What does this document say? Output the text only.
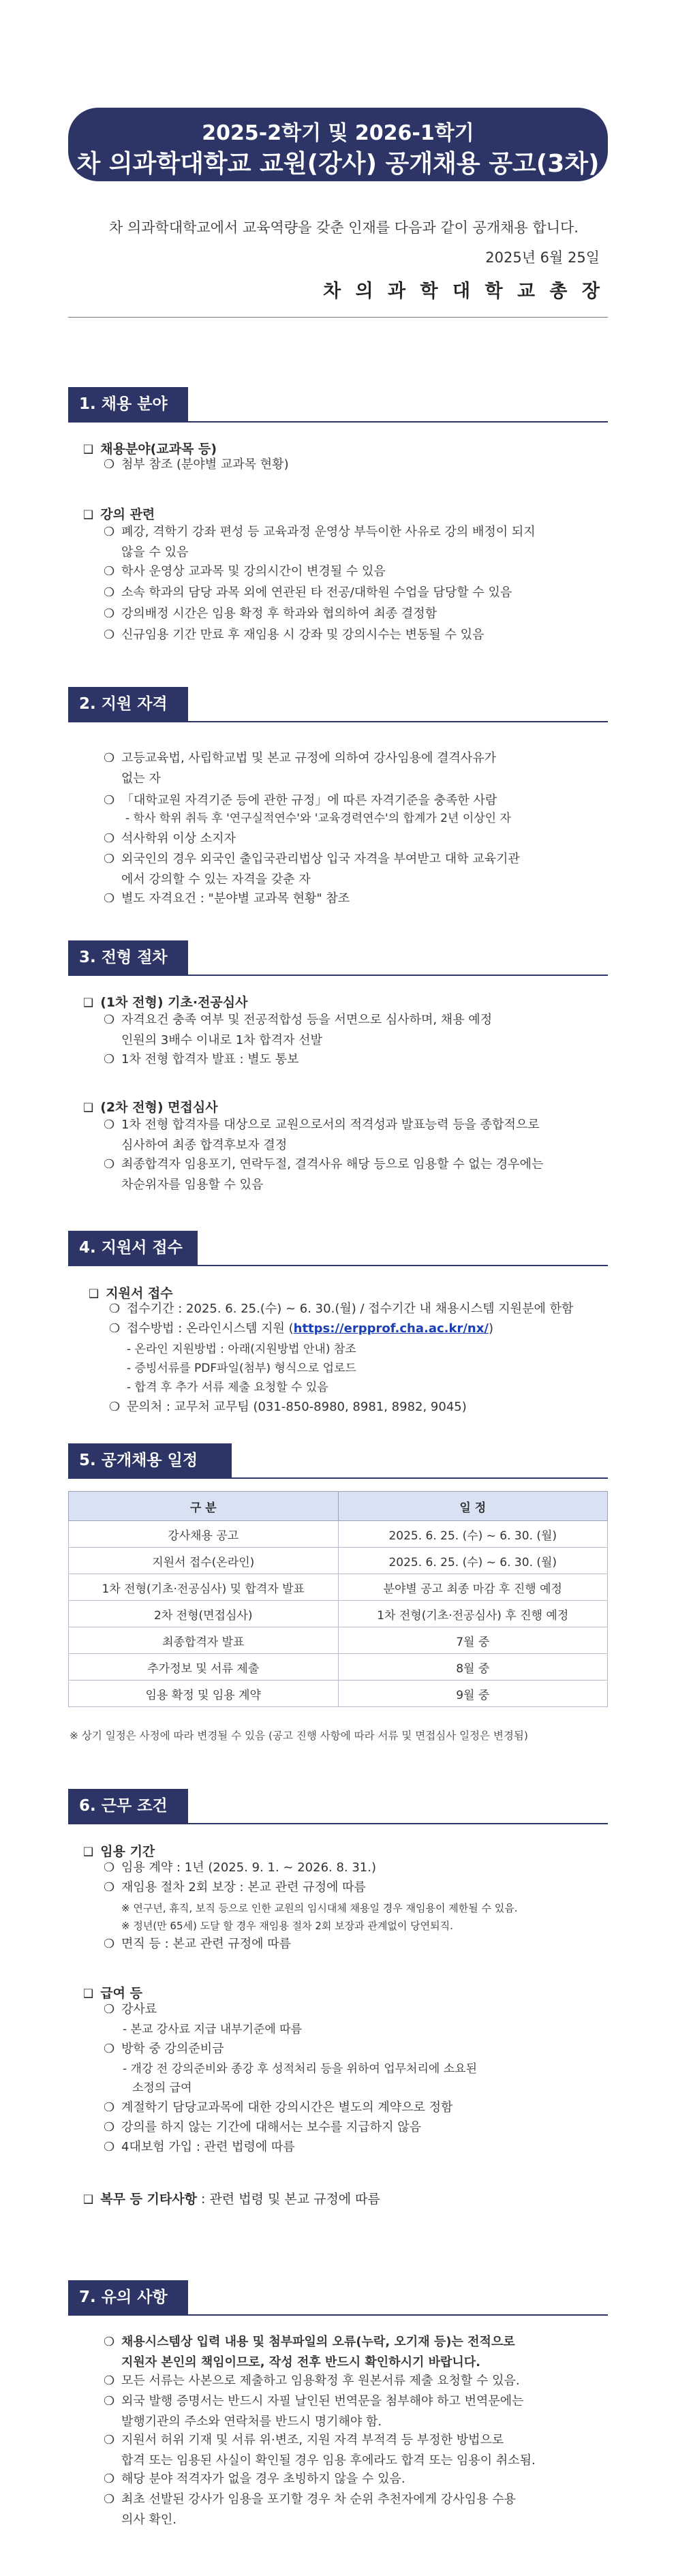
2025-2학기 및 2026-1학기
차 의과학대학교 교원(강사) 공개채용 공고(3차)
차 의과학대학교에서 교육역량을 갖춘 인재를 다음과 같이 공개채용 합니다.
2025년 6월 25일
차 의 과 학 대 학 교 총 장
1. 채용 분야
❑ 채용분야(교과목 등)
❍ 첨부 참조 (분야별 교과목 현황)
❑ 강의 관련
❍ 폐강, 격학기 강좌 편성 등 교육과정 운영상 부득이한 사유로 강의 배정이 되지
않을 수 있음
❍ 학사 운영상 교과목 및 강의시간이 변경될 수 있음
❍ 소속 학과의 담당 과목 외에 연관된 타 전공/대학원 수업을 담당할 수 있음
❍ 강의배정 시간은 임용 확정 후 학과와 협의하여 최종 결정함
❍ 신규임용 기간 만료 후 재임용 시 강좌 및 강의시수는 변동될 수 있음
2. 지원 자격
❍ 고등교육법, 사립학교법 및 본교 규정에 의하여 강사임용에 결격사유가
없는 자
❍ 「대학교원 자격기준 등에 관한 규정」에 따른 자격기준을 충족한 사람
❍ 석사학위 이상 소지자
❍ 외국인의 경우 외국인 출입국관리법상 입국 자격을 부여받고 대학 교육기관
에서 강의할 수 있는 자격을 갖춘 자
❍ 별도 자격요건 : "분야별 교과목 현황" 참조
- 학사 학위 취득 후 '연구실적연수'와 '교육경력연수'의 합계가 2년 이상인 자
3. 전형 절차
❑ (1차 전형) 기초·전공심사
❍ 자격요건 충족 여부 및 전공적합성 등을 서면으로 심사하며, 채용 예정
인원의 3배수 이내로 1차 합격자 선발
❍ 1차 전형 합격자 발표 : 별도 통보
❑ (2차 전형) 면접심사
❍ 1차 전형 합격자를 대상으로 교원으로서의 적격성과 발표능력 등을 종합적으로
심사하여 최종 합격후보자 결정
❍ 최종합격자 임용포기, 연락두절, 결격사유 해당 등으로 임용할 수 없는 경우에는
차순위자를 임용할 수 있음
4. 지원서 접수
❑ 지원서 접수
❍ 접수기간 : 2025. 6. 25.(수) ~ 6. 30.(월) / 접수기간 내 채용시스템 지원분에 한함
❍ 접수방법 : 온라인시스템 지원 (https://erpprof.cha.ac.kr/nx/)
- 온라인 지원방법 : 아래(지원방법 안내) 참조
- 증빙서류를 PDF파일(첨부) 형식으로 업로드
- 합격 후 추가 서류 제출 요청할 수 있음
❍ 문의처 : 교무처 교무팀 (031-850-8980, 8981, 8982, 9045)
5. 공개채용 일정
구 분	일 정
강사채용 공고	2025. 6. 25. (수) ~ 6. 30. (월)
지원서 접수(온라인)	2025. 6. 25. (수) ~ 6. 30. (월)
1차 전형(기초·전공심사) 및 합격자 발표	분야별 공고 최종 마감 후 진행 예정
2차 전형(면접심사)	1차 전형(기초·전공심사) 후 진행 예정
최종합격자 발표	7월 중
추가정보 및 서류 제출	8월 중
임용 확정 및 임용 계약	9월 중
※ 상기 일정은 사정에 따라 변경될 수 있음 (공고 진행 사항에 따라 서류 및 면접심사 일정은 변경됨)
6. 근무 조건
❑ 임용 기간
❍ 임용 계약 : 1년 (2025. 9. 1. ~ 2026. 8. 31.)
❍ 재임용 절차 2회 보장 : 본교 관련 규정에 따름
※ 연구년, 휴직, 보직 등으로 인한 교원의 임시대체 채용일 경우 재임용이 제한될 수 있음.
※ 정년(만 65세) 도달 할 경우 재임용 절차 2회 보장과 관계없이 당연퇴직.
❍ 면직 등 : 본교 관련 규정에 따름
❑ 급여 등
❍ 강사료
- 본교 강사료 지급 내부기준에 따름
❍ 방학 중 강의준비금
- 개강 전 강의준비와 종강 후 성적처리 등을 위하여 업무처리에 소요된
소정의 급여
❍ 계절학기 담당교과목에 대한 강의시간은 별도의 계약으로 정함
❍ 강의를 하지 않는 기간에 대해서는 보수를 지급하지 않음
❍ 4대보험 가입 : 관련 법령에 따름
❑ 복무 등 기타사항 : 관련 법령 및 본교 규정에 따름
7. 유의 사항
❍ 채용시스템상 입력 내용 및 첨부파일의 오류(누락, 오기재 등)는 전적으로
지원자 본인의 책임이므로, 작성 전후 반드시 확인하시기 바랍니다.
❍ 모든 서류는 사본으로 제출하고 임용확정 후 원본서류 제출 요청할 수 있음.
❍ 외국 발행 증명서는 반드시 자필 날인된 번역문을 첨부해야 하고 번역문에는
발행기관의 주소와 연락처를 반드시 명기해야 함.
❍ 지원서 허위 기재 및 서류 위·변조, 지원 자격 부적격 등 부정한 방법으로
합격 또는 임용된 사실이 확인될 경우 임용 후에라도 합격 또는 임용이 취소됨.
❍ 해당 분야 적격자가 없을 경우 초빙하지 않을 수 있음.
❍ 최초 선발된 강사가 임용을 포기할 경우 차 순위 추천자에게 강사임용 수용
의사 확인.
